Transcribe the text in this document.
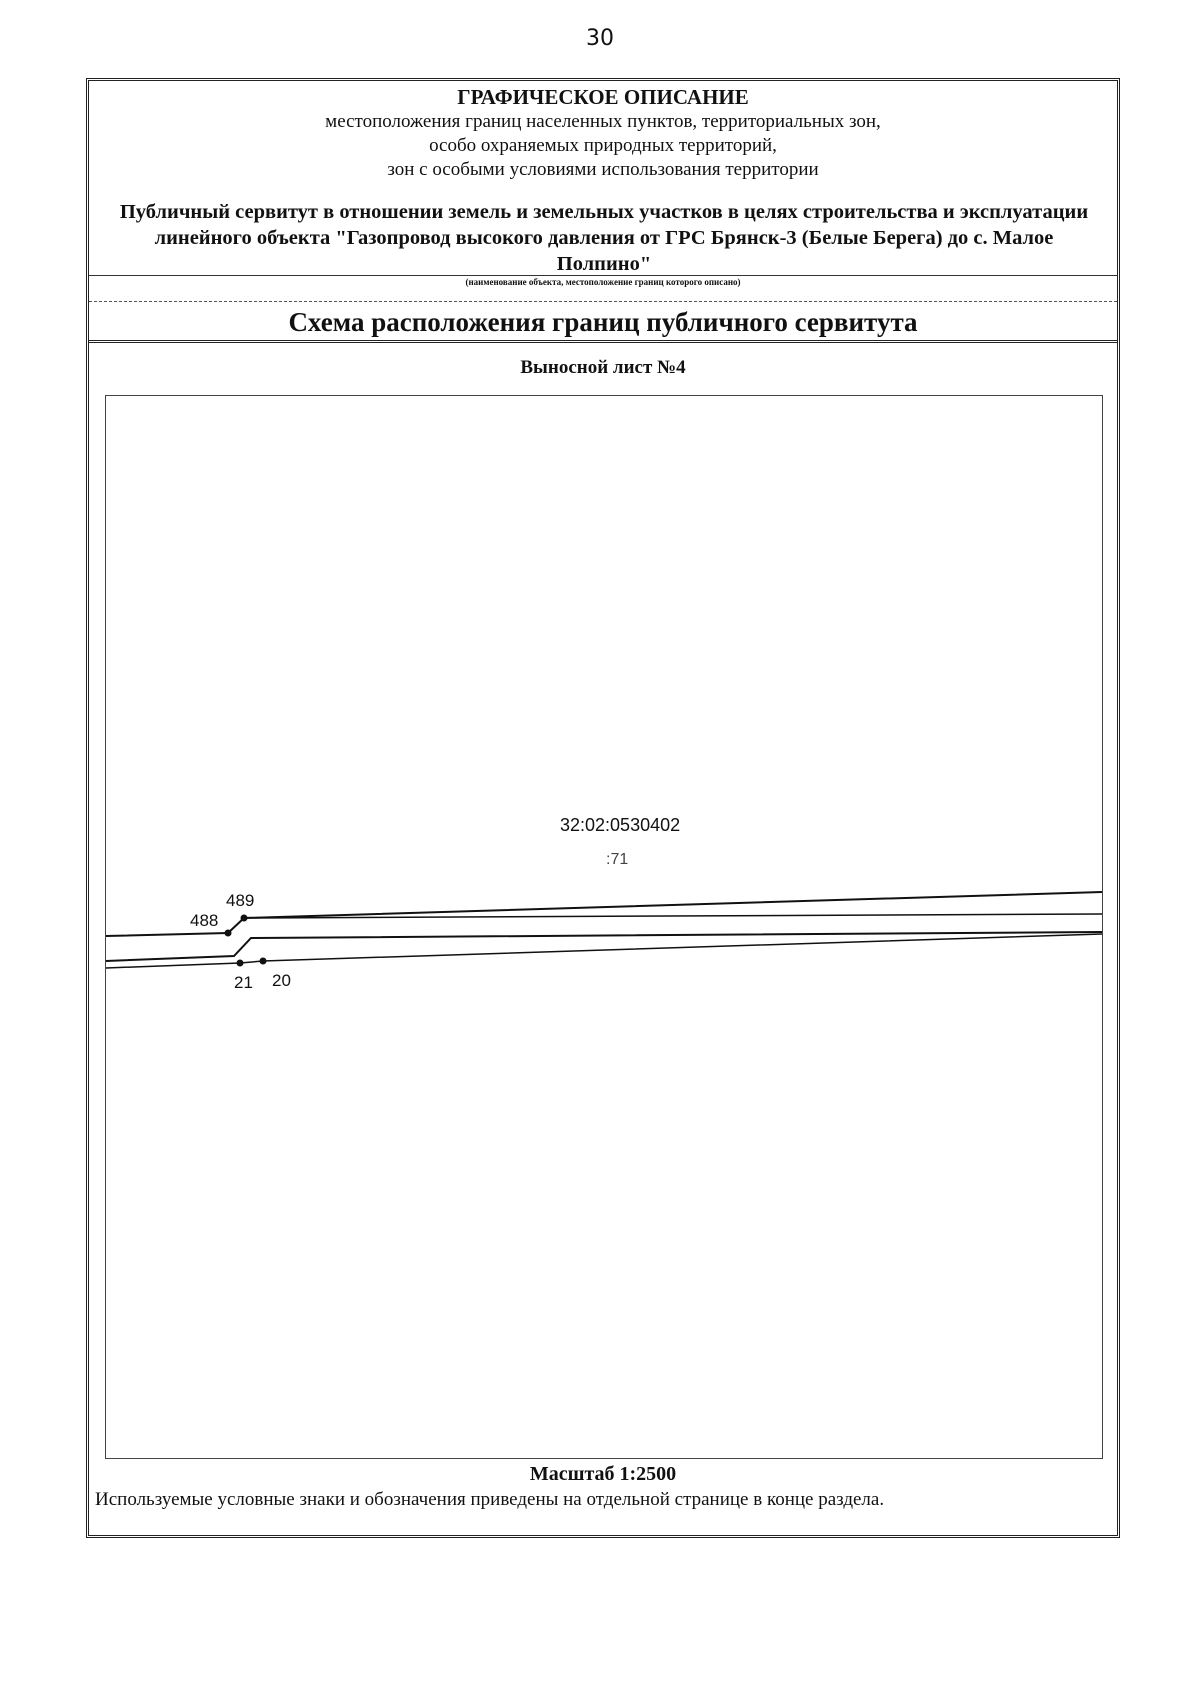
30
ГРАФИЧЕСКОЕ ОПИСАНИЕ
местоположения границ населенных пунктов, территориальных зон,
особо охраняемых природных территорий,
зон с особыми условиями использования территории
Публичный сервитут в отношении земель и земельных участков в целях строительства и эксплуатации линейного объекта "Газопровод высокого давления от ГРС Брянск-3 (Белые Берега) до с. Малое Полпино"
(наименование объекта, местоположение границ которого описано)
Схема расположения границ публичного сервитута
Выносной лист №4
32:02:0530402
:71
488
489
21 20
Масштаб 1:2500
Используемые условные знаки и обозначения приведены на отдельной странице в конце раздела.
